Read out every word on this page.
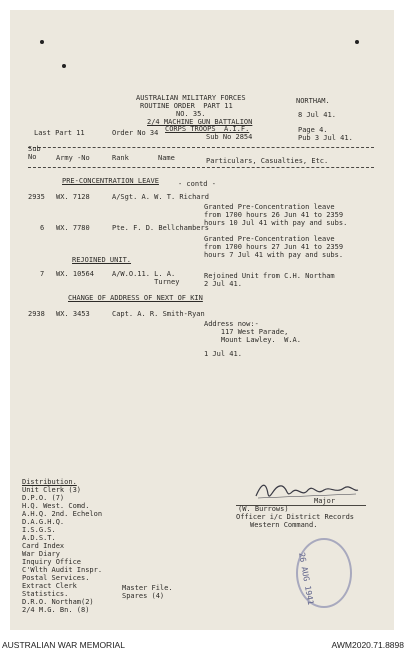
AUSTRALIAN MILITARY FORCES	NORTHAM.
ROUTINE ORDER  PART 11
NO. 35.	8 Jul 41.
2/4 MACHINE GUN BATTALION
CORPS TROOPS  A.I.F.
Last Part 11	Order No 34	Page 4.
Sub No 2854	Pub 3 Jul 41.
Sub
No	Army -No	Rank	Name	Particulars, Casualties, Etc.
PRE-CONCENTRATION LEAVE	- contd -
2935 WX. 7128	A/Sgt. A. W. T. Richard
Granted Pre-Concentration leave
from 1700 hours 26 Jun 41 to 2359
hours 10 Jul 41 with pay and subs.
6 WX. 7780	Pte. F. D. Bellchambers
Granted Pre-Concentration leave
from 1700 hours 27 Jun 41 to 2359
hours 7 Jul 41 with pay and subs.
REJOINED UNIT.
7 WX. 10564	A/W.O.11. L. A.
Turney
Rejoined Unit from C.H. Northam
2 Jul 41.
CHANGE OF ADDRESS OF NEXT OF KIN
2938 WX. 3453	Capt. A. R. Smith-Ryan
Address now:-
117 West Parade,
Mount Lawley.  W.A.
1 Jul 41.
Distribution.
Unit Clerk (3)
D.P.O. (7)
H.Q. West. Comd.
A.H.Q. 2nd. Echelon
D.A.G.H.Q.
I.S.G.S.
A.D.S.T.
Card Index
War Diary
Inquiry Office
C'Wlth Audit Inspr.
Postal Services.
Extract Clerk
Statistics.
D.R.O. Northam(2)
2/4 M.G. Bn. (8)
Master File.
Spares (4)
Major
(W. Burrows)
Officer i/c District Records
Western Command.
26 AUG 1941
AUSTRALIAN WAR MEMORIAL	AWM2020.71.8898
